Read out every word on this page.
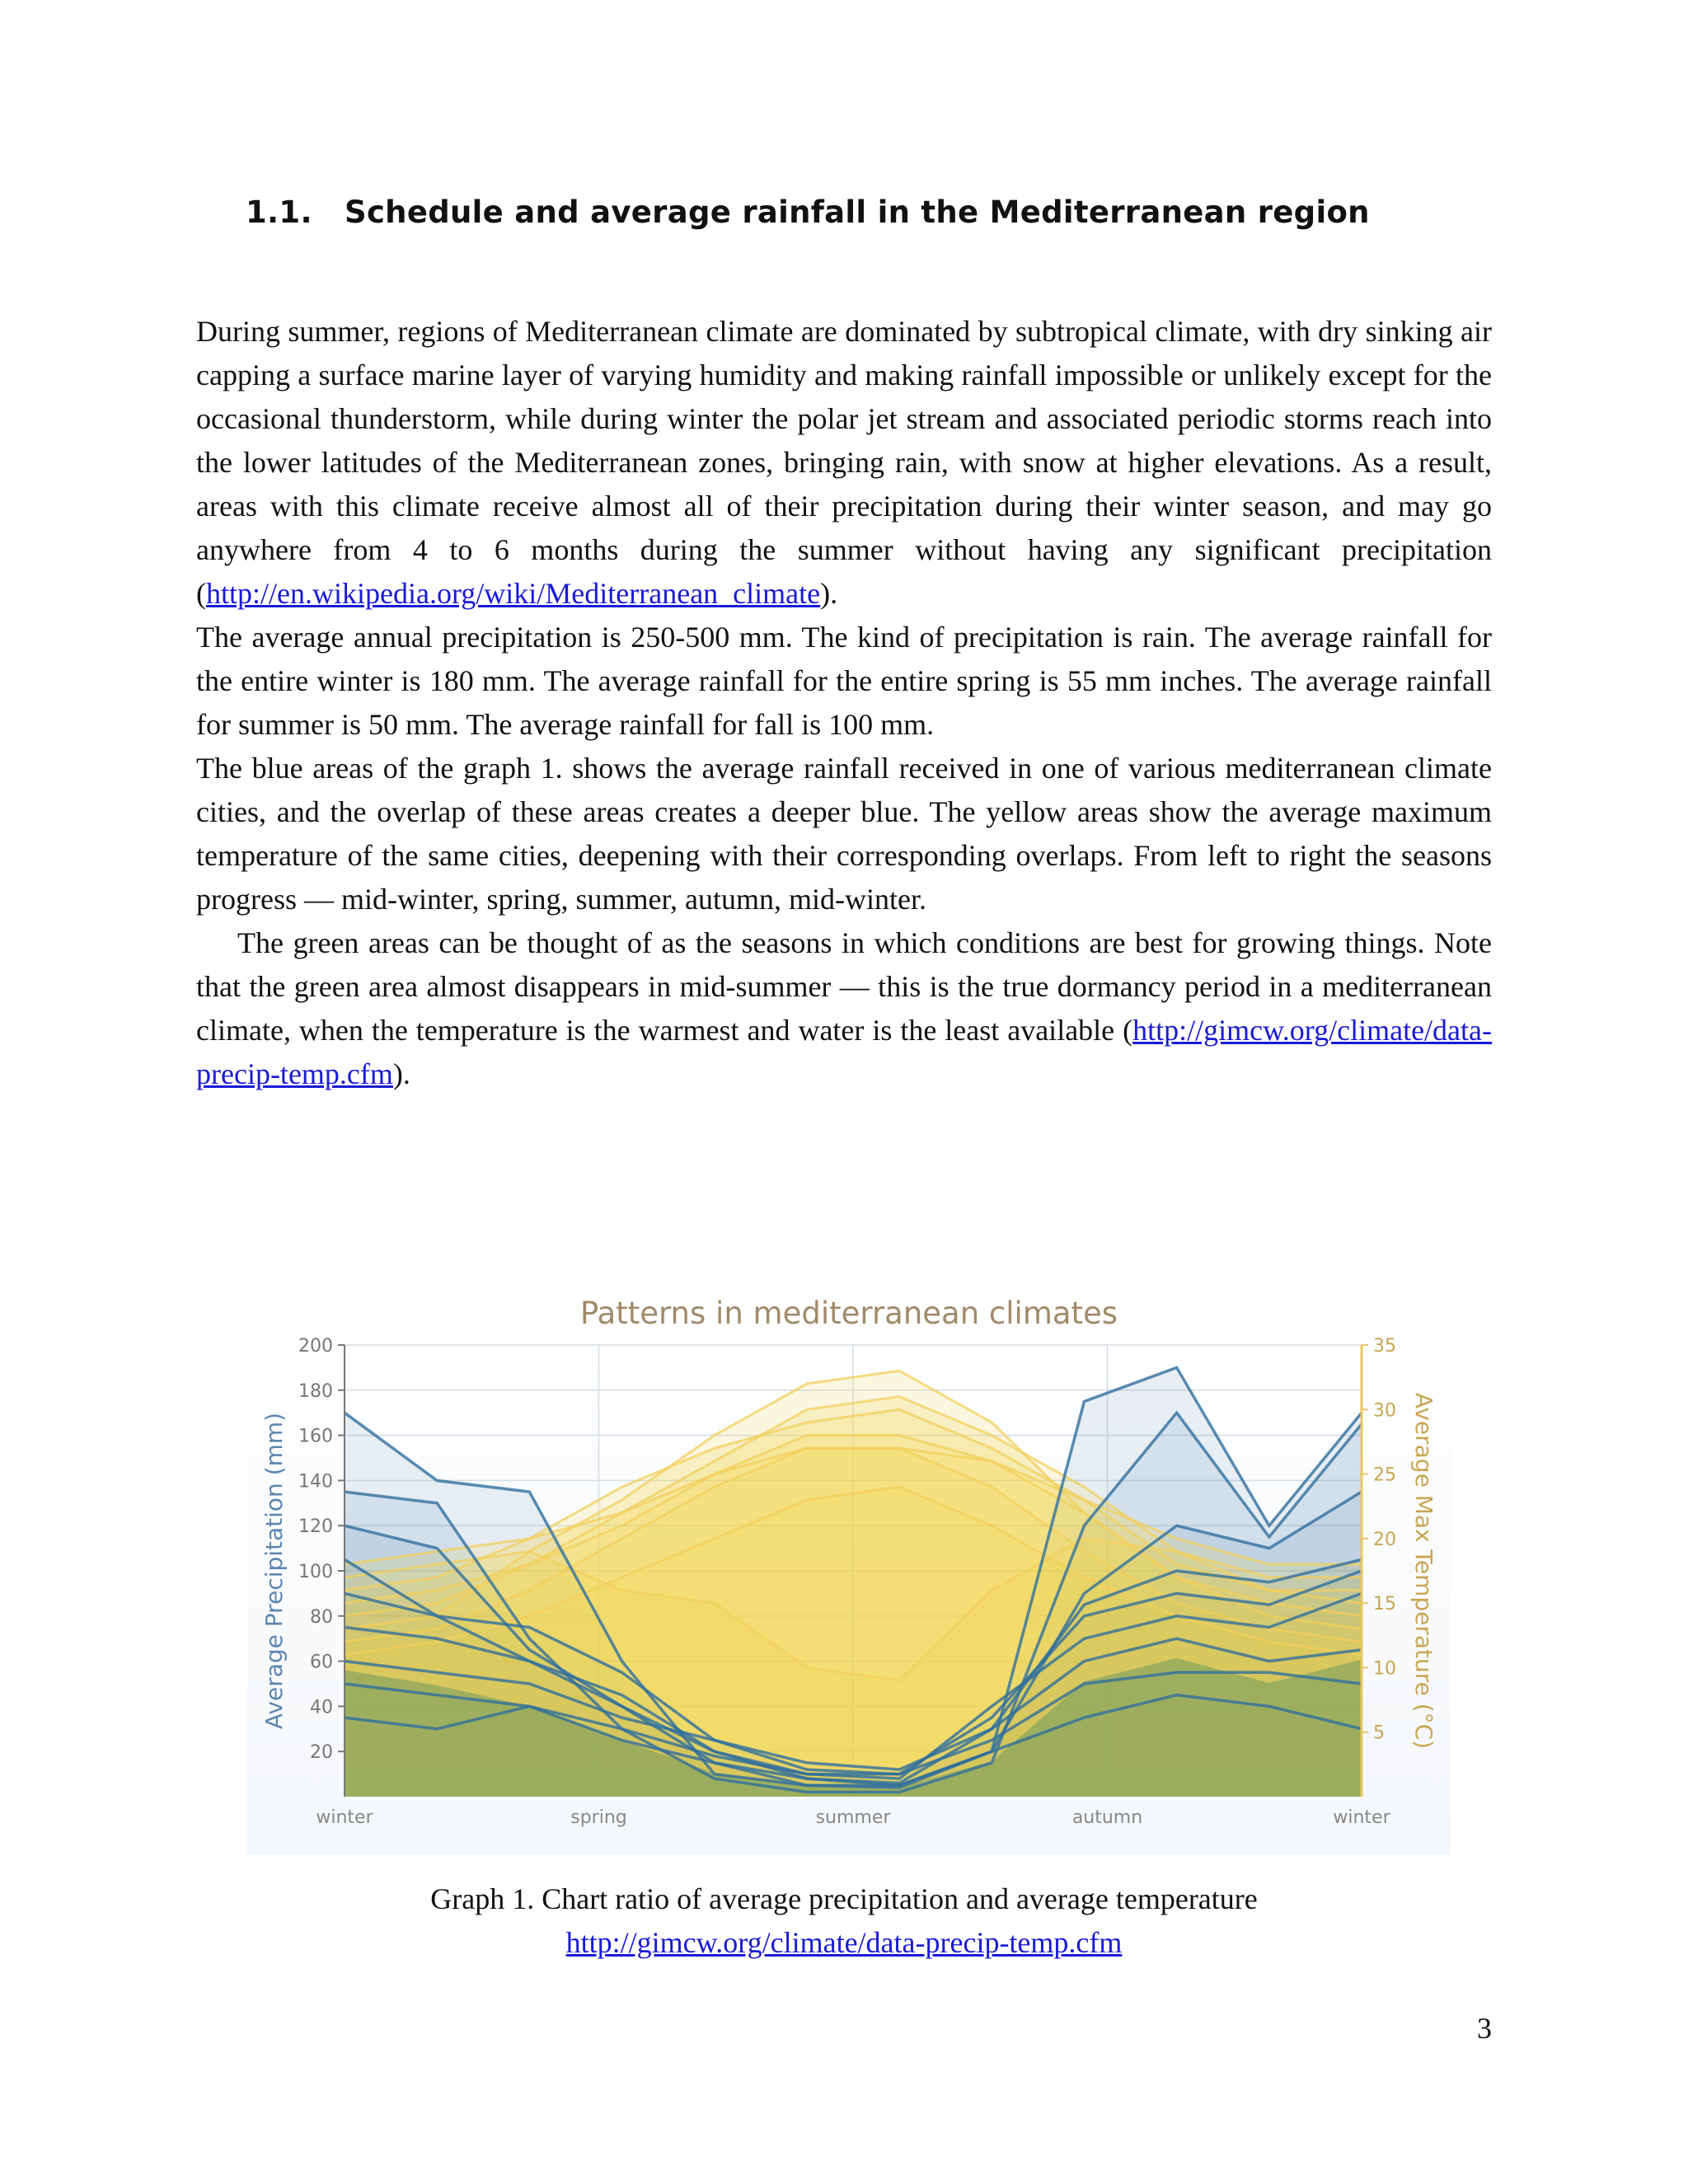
1.1. Schedule and average rainfall in the Mediterranean region

During summer, regions of Mediterranean climate are dominated by subtropical climate, with dry sinking air capping a surface marine layer of varying humidity and making rainfall impossible or unlikely except for the occasional thunderstorm, while during winter the polar jet stream and associated periodic storms reach into the lower latitudes of the Mediterranean zones, bringing rain, with snow at higher elevations. As a result, areas with this climate receive almost all of their precipitation during their winter season, and may go anywhere from 4 to 6 months during the summer without having any significant precipitation (http://en.wikipedia.org/wiki/Mediterranean_climate).

The average annual precipitation is 250-500 mm. The kind of precipitation is rain. The average rainfall for the entire winter is 180 mm. The average rainfall for the entire spring is 55 mm inches. The average rainfall for summer is 50 mm. The average rainfall for fall is 100 mm.

The blue areas of the graph 1. shows the average rainfall received in one of various mediterranean climate cities, and the overlap of these areas creates a deeper blue. The yellow areas show the average maximum temperature of the same cities, deepening with their corresponding overlaps. From left to right the seasons progress — mid-winter, spring, summer, autumn, mid-winter.

The green areas can be thought of as the seasons in which conditions are best for growing things. Note that the green area almost disappears in mid-summer — this is the true dormancy period in a mediterranean climate, when the temperature is the warmest and water is the least available (http://gimcw.org/climate/data-precip-temp.cfm).

Patterns in mediterranean climates
20
40
60
80
100
120
140
160
180
200
5
10
15
20
25
30
35
winter	spring	summer	autumn	winter
Average Precipitation (mm)	Average Max Temperature (°C)
Graph 1. Chart ratio of average precipitation and average temperature
http://gimcw.org/climate/data-precip-temp.cfm
3
